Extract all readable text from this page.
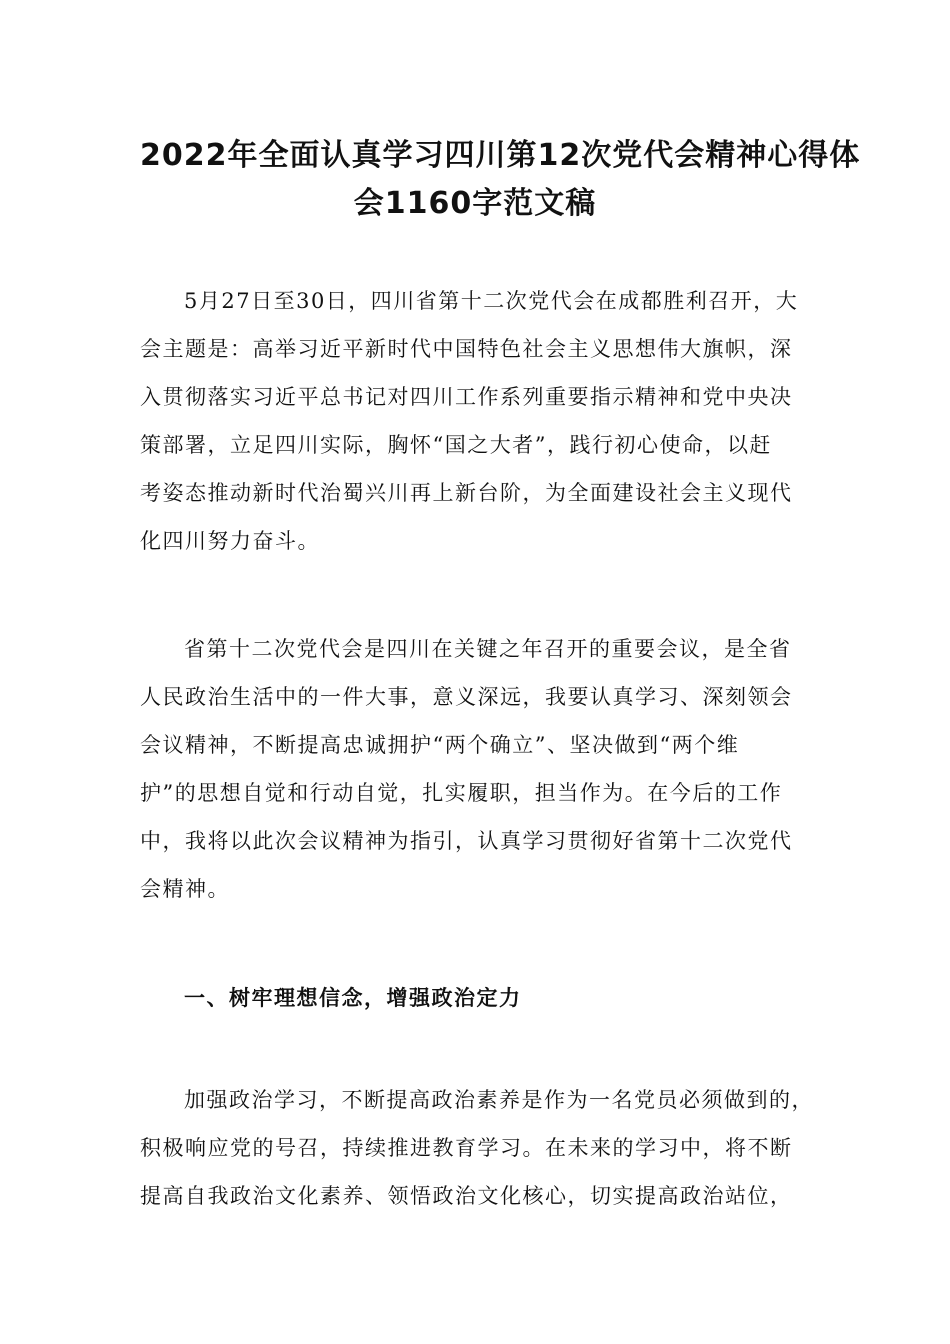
2022年全面认真学习四川第12次党代会精神心得体
会1160字范文稿
5月27日至30日，四川省第十二次党代会在成都胜利召开，大
会主题是：高举习近平新时代中国特色社会主义思想伟大旗帜，深
入贯彻落实习近平总书记对四川工作系列重要指示精神和党中央决
策部署，立足四川实际，胸怀“国之大者”，践行初心使命，以赶
考姿态推动新时代治蜀兴川再上新台阶，为全面建设社会主义现代
化四川努力奋斗。
省第十二次党代会是四川在关键之年召开的重要会议，是全省
人民政治生活中的一件大事，意义深远，我要认真学习、深刻领会
会议精神，不断提高忠诚拥护“两个确立”、坚决做到“两个维
护”的思想自觉和行动自觉，扎实履职，担当作为。在今后的工作
中，我将以此次会议精神为指引，认真学习贯彻好省第十二次党代
会精神。
一、树牢理想信念，增强政治定力
加强政治学习，不断提高政治素养是作为一名党员必须做到的，
积极响应党的号召，持续推进教育学习。在未来的学习中，将不断
提高自我政治文化素养、领悟政治文化核心，切实提高政治站位，
